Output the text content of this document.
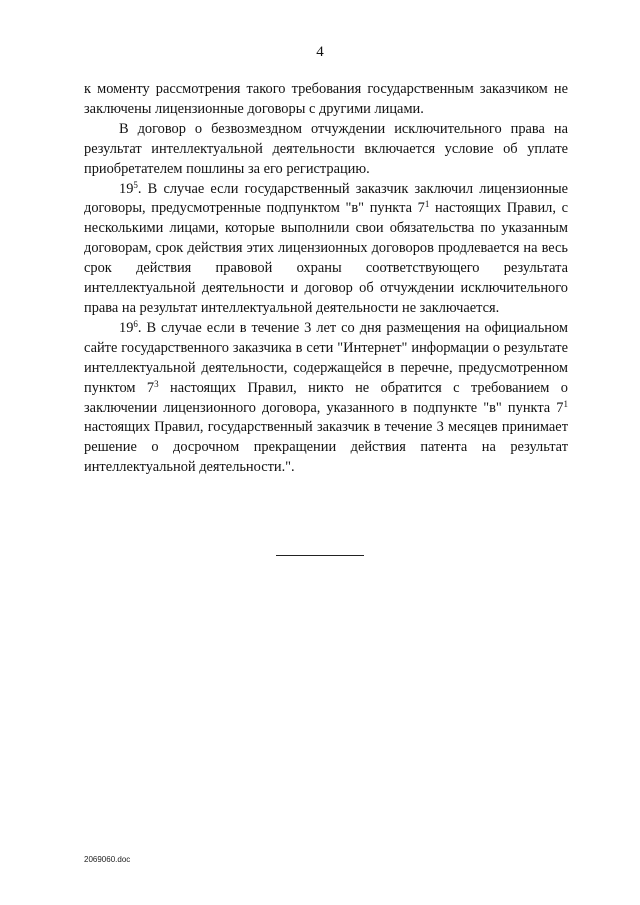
4

к моменту рассмотрения такого требования государственным заказчиком не заключены лицензионные договоры с другими лицами.

В договор о безвозмездном отчуждении исключительного права на результат интеллектуальной деятельности включается условие об уплате приобретателем пошлины за его регистрацию.

$19^5$. В случае если государственный заказчик заключил лицензионные договоры, предусмотренные подпунктом "в" пункта $7^1$ настоящих Правил, с несколькими лицами, которые выполнили свои обязательства по указанным договорам, срок действия этих лицензионных договоров продлевается на весь срок действия правовой охраны соответствующего результата интеллектуальной деятельности и договор об отчуждении исключительного права на результат интеллектуальной деятельности не заключается.

$19^6$. В случае если в течение 3 лет со дня размещения на официальном сайте государственного заказчика в сети "Интернет" информации о результате интеллектуальной деятельности, содержащейся в перечне, предусмотренном пунктом $7^3$ настоящих Правил, никто не обратится с требованием о заключении лицензионного договора, указанного в подпункте "в" пункта $7^1$ настоящих Правил, государственный заказчик в течение 3 месяцев принимает решение о досрочном прекращении действия патента на результат интеллектуальной деятельности.".

2069060.doc
